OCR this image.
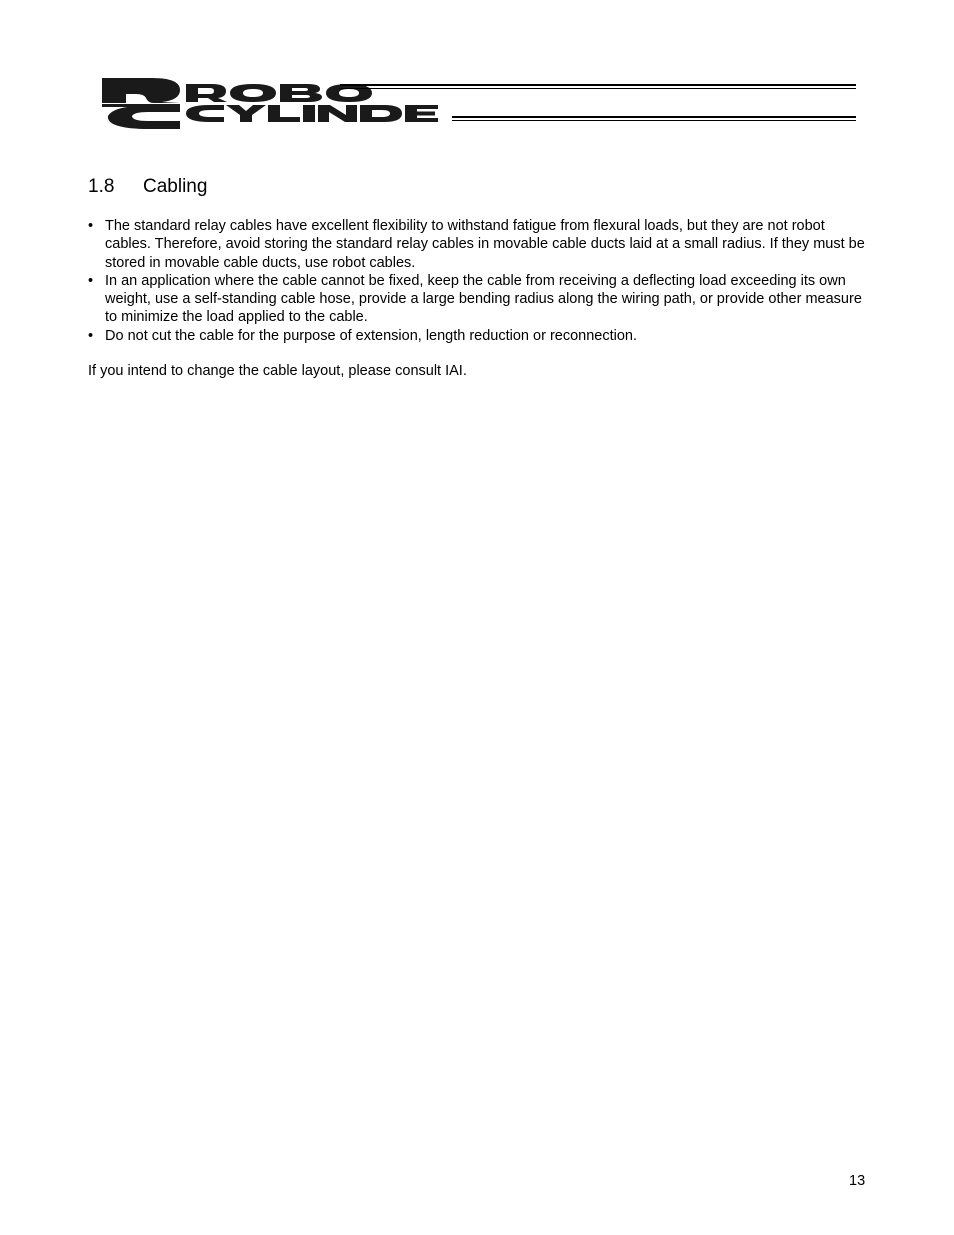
1.8 Cabling
• The standard relay cables have excellent flexibility to withstand fatigue from flexural loads, but they are not robot cables. Therefore, avoid storing the standard relay cables in movable cable ducts laid at a small radius. If they must be stored in movable cable ducts, use robot cables.
• In an application where the cable cannot be fixed, keep the cable from receiving a deflecting load exceeding its own weight, use a self-standing cable hose, provide a large bending radius along the wiring path, or provide other measure to minimize the load applied to the cable.
• Do not cut the cable for the purpose of extension, length reduction or reconnection.
If you intend to change the cable layout, please consult IAI.
13
